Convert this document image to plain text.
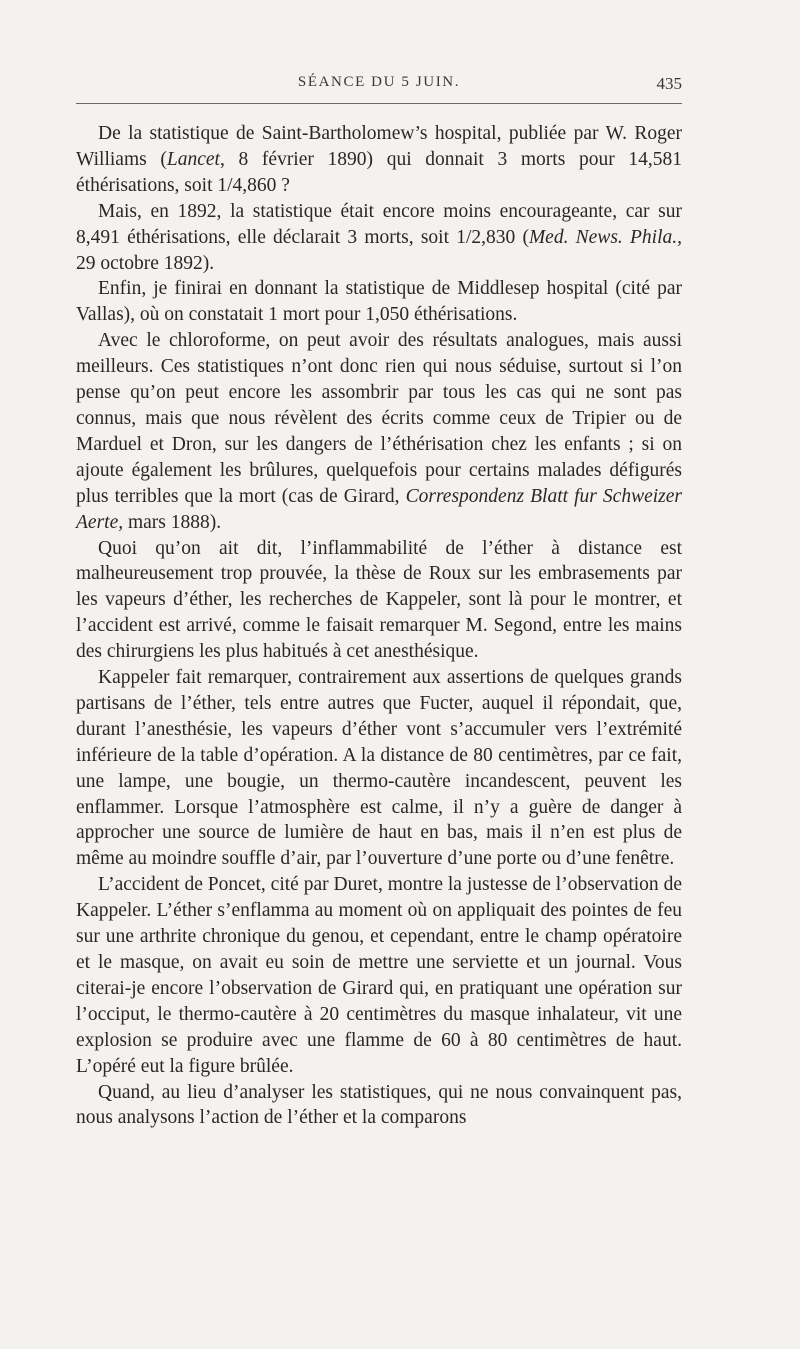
SÉANCE DU 5 JUIN.	435

De la statistique de Saint-Bartholomew’s hospital, publiée par W. Roger Williams (Lancet, 8 février 1890) qui donnait 3 morts pour 14,581 éthérisations, soit 1/4,860 ?

Mais, en 1892, la statistique était encore moins encourageante, car sur 8,491 éthérisations, elle déclarait 3 morts, soit 1/2,830 (Med. News. Phila., 29 octobre 1892).

Enfin, je finirai en donnant la statistique de Middlesep hospital (cité par Vallas), où on constatait 1 mort pour 1,050 éthérisations.

Avec le chloroforme, on peut avoir des résultats analogues, mais aussi meilleurs. Ces statistiques n’ont donc rien qui nous séduise, surtout si l’on pense qu’on peut encore les assombrir par tous les cas qui ne sont pas connus, mais que nous révèlent des écrits comme ceux de Tripier ou de Marduel et Dron, sur les dangers de l’éthérisation chez les enfants ; si on ajoute également les brûlures, quelquefois pour certains malades défigurés plus terribles que la mort (cas de Girard, Correspondenz Blatt fur Schweizer Aerte, mars 1888).

Quoi qu’on ait dit, l’inflammabilité de l’éther à distance est malheureusement trop prouvée, la thèse de Roux sur les embrasements par les vapeurs d’éther, les recherches de Kappeler, sont là pour le montrer, et l’accident est arrivé, comme le faisait remarquer M. Segond, entre les mains des chirurgiens les plus habitués à cet anesthésique.

Kappeler fait remarquer, contrairement aux assertions de quelques grands partisans de l’éther, tels entre autres que Fucter, auquel il répondait, que, durant l’anesthésie, les vapeurs d’éther vont s’accumuler vers l’extrémité inférieure de la table d’opération. A la distance de 80 centimètres, par ce fait, une lampe, une bougie, un thermo-cautère incandescent, peuvent les enflammer. Lorsque l’atmosphère est calme, il n’y a guère de danger à approcher une source de lumière de haut en bas, mais il n’en est plus de même au moindre souffle d’air, par l’ouverture d’une porte ou d’une fenêtre.

L’accident de Poncet, cité par Duret, montre la justesse de l’observation de Kappeler. L’éther s’enflamma au moment où on appliquait des pointes de feu sur une arthrite chronique du genou, et cependant, entre le champ opératoire et le masque, on avait eu soin de mettre une serviette et un journal. Vous citerai-je encore l’observation de Girard qui, en pratiquant une opération sur l’occiput, le thermo-cautère à 20 centimètres du masque inhalateur, vit une explosion se produire avec une flamme de 60 à 80 centimètres de haut. L’opéré eut la figure brûlée.

Quand, au lieu d’analyser les statistiques, qui ne nous convainquent pas, nous analysons l’action de l’éther et la comparons
